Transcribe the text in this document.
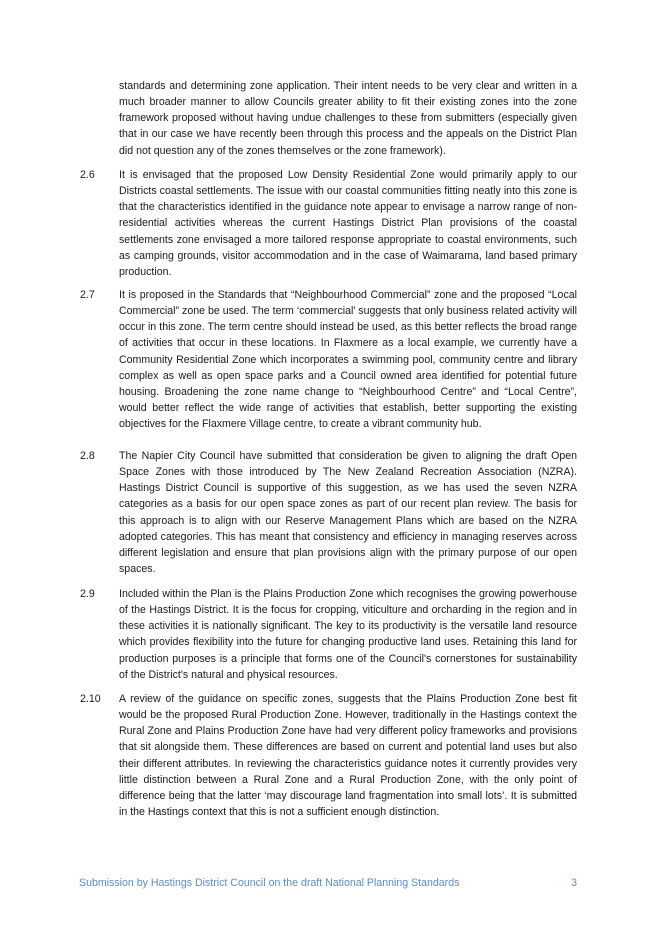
standards and determining zone application. Their intent needs to be very clear and written in a much broader manner to allow Councils greater ability to fit their existing zones into the zone framework proposed without having undue challenges to these from submitters (especially given that in our case we have recently been through this process and the appeals on the District Plan did not question any of the zones themselves or the zone framework).

2.6 It is envisaged that the proposed Low Density Residential Zone would primarily apply to our Districts coastal settlements. The issue with our coastal communities fitting neatly into this zone is that the characteristics identified in the guidance note appear to envisage a narrow range of non-residential activities whereas the current Hastings District Plan provisions of the coastal settlements zone envisaged a more tailored response appropriate to coastal environments, such as camping grounds, visitor accommodation and in the case of Waimarama, land based primary production.

2.7 It is proposed in the Standards that “Neighbourhood Commercial” zone and the proposed “Local Commercial” zone be used. The term ‘commercial’ suggests that only business related activity will occur in this zone. The term centre should instead be used, as this better reflects the broad range of activities that occur in these locations. In Flaxmere as a local example, we currently have a Community Residential Zone which incorporates a swimming pool, community centre and library complex as well as open space parks and a Council owned area identified for potential future housing. Broadening the zone name change to “Neighbourhood Centre” and “Local Centre”, would better reflect the wide range of activities that establish, better supporting the existing objectives for the Flaxmere Village centre, to create a vibrant community hub.

2.8 The Napier City Council have submitted that consideration be given to aligning the draft Open Space Zones with those introduced by The New Zealand Recreation Association (NZRA). Hastings District Council is supportive of this suggestion, as we has used the seven NZRA categories as a basis for our open space zones as part of our recent plan review. The basis for this approach is to align with our Reserve Management Plans which are based on the NZRA adopted categories. This has meant that consistency and efficiency in managing reserves across different legislation and ensure that plan provisions align with the primary purpose of our open spaces.

2.9 Included within the Plan is the Plains Production Zone which recognises the growing powerhouse of the Hastings District. It is the focus for cropping, viticulture and orcharding in the region and in these activities it is nationally significant. The key to its productivity is the versatile land resource which provides flexibility into the future for changing productive land uses. Retaining this land for production purposes is a principle that forms one of the Council's cornerstones for sustainability of the District's natural and physical resources.

2.10 A review of the guidance on specific zones, suggests that the Plains Production Zone best fit would be the proposed Rural Production Zone. However, traditionally in the Hastings context the Rural Zone and Plains Production Zone have had very different policy frameworks and provisions that sit alongside them. These differences are based on current and potential land uses but also their different attributes. In reviewing the characteristics guidance notes it currently provides very little distinction between a Rural Zone and a Rural Production Zone, with the only point of difference being that the latter ‘may discourage land fragmentation into small lots’. It is submitted in the Hastings context that this is not a sufficient enough distinction.

Submission by Hastings District Council on the draft National Planning Standards	3
